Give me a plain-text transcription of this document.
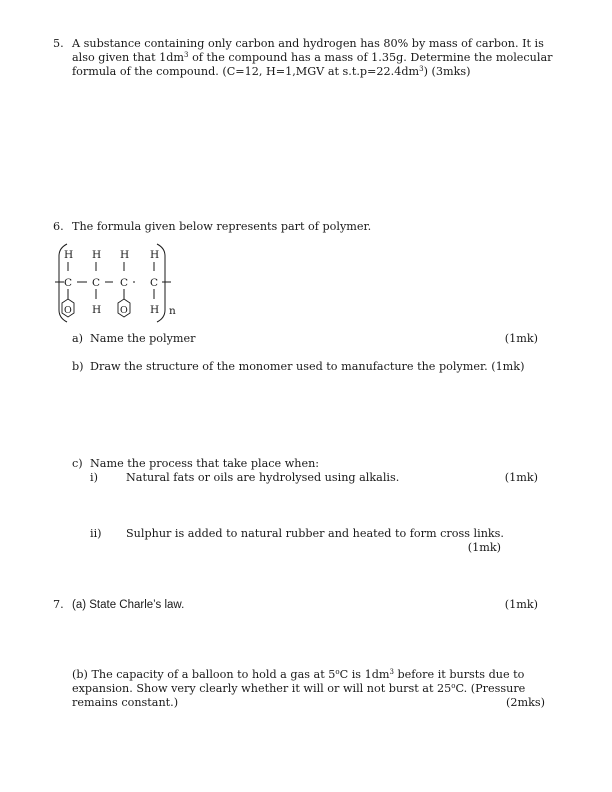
5. A substance containing only carbon and hydrogen has 80% by mass of carbon. It is
also given that $1dm^3$ of the compound has a mass of 1.35g. Determine the molecular
formula of the compound. (C=12, H=1,MGV at $s.t.p=22.4dm^3$) (3mks)
6. The formula given below represents part of polymer.
H H H
C C C
O H O
H
C
H n
a) Name the polymer	(1mk)
b) Draw the structure of the monomer used to manufacture the polymer. (1mk)
c) Name the process that take place when:
i)	Natural fats or oils are hydrolysed using alkalis.	(1mk)
ii) Sulphur is added to natural rubber and heated to form cross links.
(1mk)
7. (a) State Charle’s law.	(1mk)
(b) The capacity of a balloon to hold a gas at 5$^o$C is $1dm^3$ before it bursts due to
expansion. Show very clearly whether it will or will not burst at 25$^o$C. (Pressure
remains constant.)	(2mks)
